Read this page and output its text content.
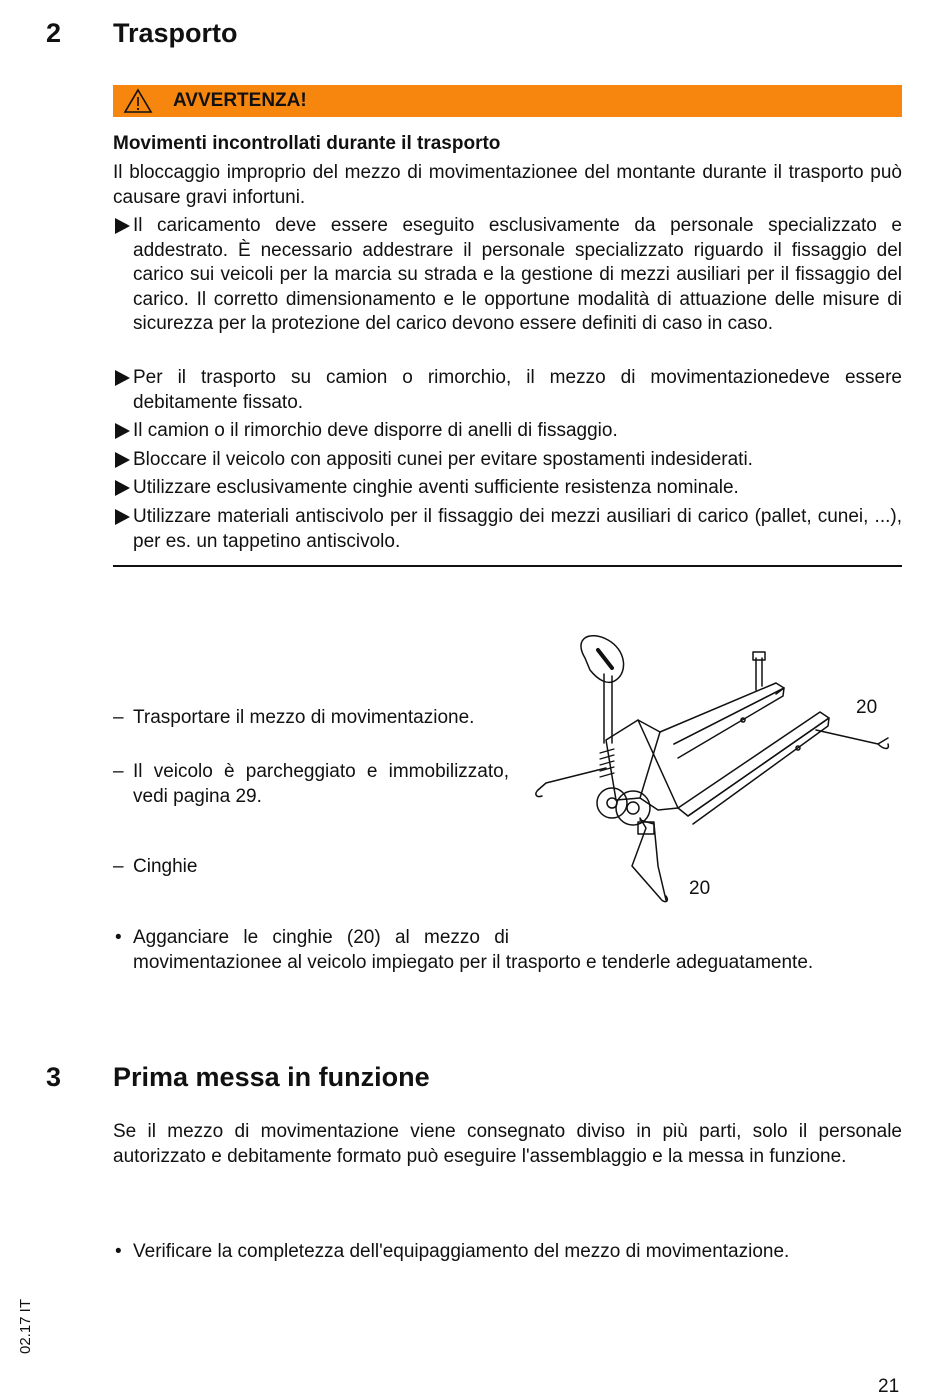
2 Trasporto
AVVERTENZA!
Movimenti incontrollati durante il trasporto
Il bloccaggio improprio del mezzo di movimentazionee del montante durante il trasporto può causare gravi infortuni.
Il caricamento deve essere eseguito esclusivamente da personale specializzato e addestrato. È necessario addestrare il personale specializzato riguardo il fissaggio del carico sui veicoli per la marcia su strada e la gestione di mezzi ausiliari per il fissaggio del carico. Il corretto dimensionamento e le opportune modalità di attuazione delle misure di sicurezza per la protezione del carico devono essere definiti di caso in caso.
Per il trasporto su camion o rimorchio, il mezzo di movimentazionedeve essere debitamente fissato.
Il camion o il rimorchio deve disporre di anelli di fissaggio.
Bloccare il veicolo con appositi cunei per evitare spostamenti indesiderati.
Utilizzare esclusivamente cinghie aventi sufficiente resistenza nominale.
Utilizzare materiali antiscivolo per il fissaggio dei mezzi ausiliari di carico (pallet, cunei, ...), per es. un tappetino antiscivolo.
– Trasportare il mezzo di movimentazione.
– Il veicolo è parcheggiato e immobilizzato, vedi pagina 29.
– Cinghie
20
20
• Agganciare le cinghie (20) al mezzo di
movimentazionee al veicolo impiegato per il trasporto e tenderle adeguatamente.
3 Prima messa in funzione
Se il mezzo di movimentazione viene consegnato diviso in più parti, solo il personale autorizzato e debitamente formato può eseguire l'assemblaggio e la messa in funzione.
• Verificare la completezza dell'equipaggiamento del mezzo di movimentazione.
02.17 IT
21
